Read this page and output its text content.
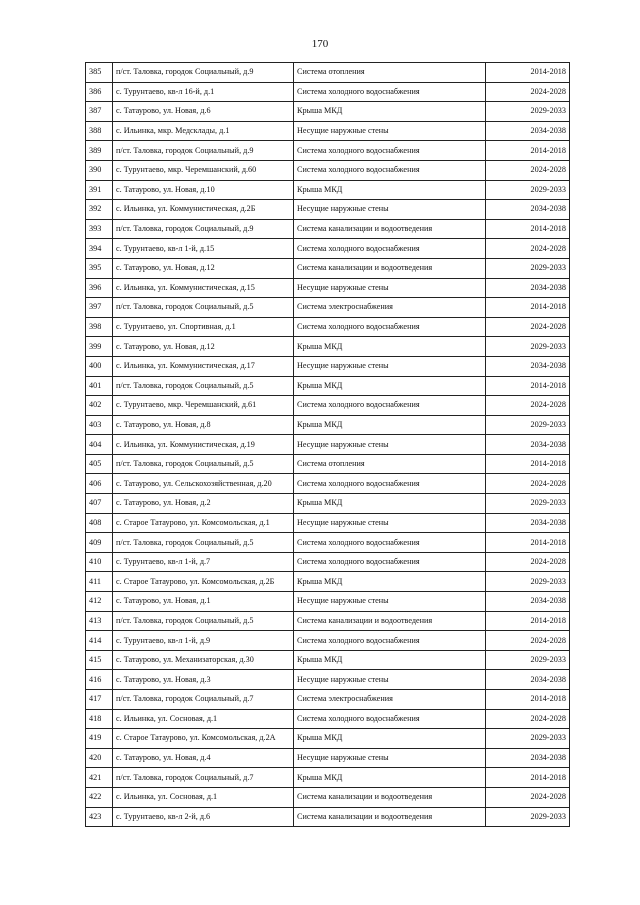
170
385	п/ст. Таловка, городок Социальный, д.9	Система отопления	2014-2018
386	с. Турунтаево, кв-л 16-й, д.1	Система холодного водоснабжения	2024-2028
387	с. Татаурово, ул. Новая, д.6	Крыша МКД	2029-2033
388	с. Ильинка, мкр. Медсклады, д.1	Несущие наружные стены	2034-2038
389	п/ст. Таловка, городок Социальный, д.9	Система холодного водоснабжения	2014-2018
390	с. Турунтаево, мкр. Черемшанский, д.60	Система холодного водоснабжения	2024-2028
391	с. Татаурово, ул. Новая, д.10	Крыша МКД	2029-2033
392	с. Ильинка, ул. Коммунистическая, д.2Б	Несущие наружные стены	2034-2038
393	п/ст. Таловка, городок Социальный, д.9	Система канализации и водоотведения	2014-2018
394	с. Турунтаево, кв-л 1-й, д.15	Система холодного водоснабжения	2024-2028
395	с. Татаурово, ул. Новая, д.12	Система канализации и водоотведения	2029-2033
396	с. Ильинка, ул. Коммунистическая, д.15	Несущие наружные стены	2034-2038
397	п/ст. Таловка, городок Социальный, д.5	Система электроснабжения	2014-2018
398	с. Турунтаево, ул. Спортивная, д.1	Система холодного водоснабжения	2024-2028
399	с. Татаурово, ул. Новая, д.12	Крыша МКД	2029-2033
400	с. Ильинка, ул. Коммунистическая, д.17	Несущие наружные стены	2034-2038
401	п/ст. Таловка, городок Социальный, д.5	Крыша МКД	2014-2018
402	с. Турунтаево, мкр. Черемшанский, д.61	Система холодного водоснабжения	2024-2028
403	с. Татаурово, ул. Новая, д.8	Крыша МКД	2029-2033
404	с. Ильинка, ул. Коммунистическая, д.19	Несущие наружные стены	2034-2038
405	п/ст. Таловка, городок Социальный, д.5	Система отопления	2014-2018
406	с. Татаурово, ул. Сельскохозяйственная, д.20	Система холодного водоснабжения	2024-2028
407	с. Татаурово, ул. Новая, д.2	Крыша МКД	2029-2033
408	с. Старое Татаурово, ул. Комсомольская, д.1	Несущие наружные стены	2034-2038
409	п/ст. Таловка, городок Социальный, д.5	Система холодного водоснабжения	2014-2018
410	с. Турунтаево, кв-л 1-й, д.7	Система холодного водоснабжения	2024-2028
411	с. Старое Татаурово, ул. Комсомольская, д.2Б	Крыша МКД	2029-2033
412	с. Татаурово, ул. Новая, д.1	Несущие наружные стены	2034-2038
413	п/ст. Таловка, городок Социальный, д.5	Система канализации и водоотведения	2014-2018
414	с. Турунтаево, кв-л 1-й, д.9	Система холодного водоснабжения	2024-2028
415	с. Татаурово, ул. Механизаторская, д.30	Крыша МКД	2029-2033
416	с. Татаурово, ул. Новая, д.3	Несущие наружные стены	2034-2038
417	п/ст. Таловка, городок Социальный, д.7	Система электроснабжения	2014-2018
418	с. Ильинка, ул. Сосновая, д.1	Система холодного водоснабжения	2024-2028
419	с. Старое Татаурово, ул. Комсомольская, д.2А	Крыша МКД	2029-2033
420	с. Татаурово, ул. Новая, д.4	Несущие наружные стены	2034-2038
421	п/ст. Таловка, городок Социальный, д.7	Крыша МКД	2014-2018
422	с. Ильинка, ул. Сосновая, д.1	Система канализации и водоотведения	2024-2028
423	с. Турунтаево, кв-л 2-й, д.6	Система канализации и водоотведения	2029-2033
